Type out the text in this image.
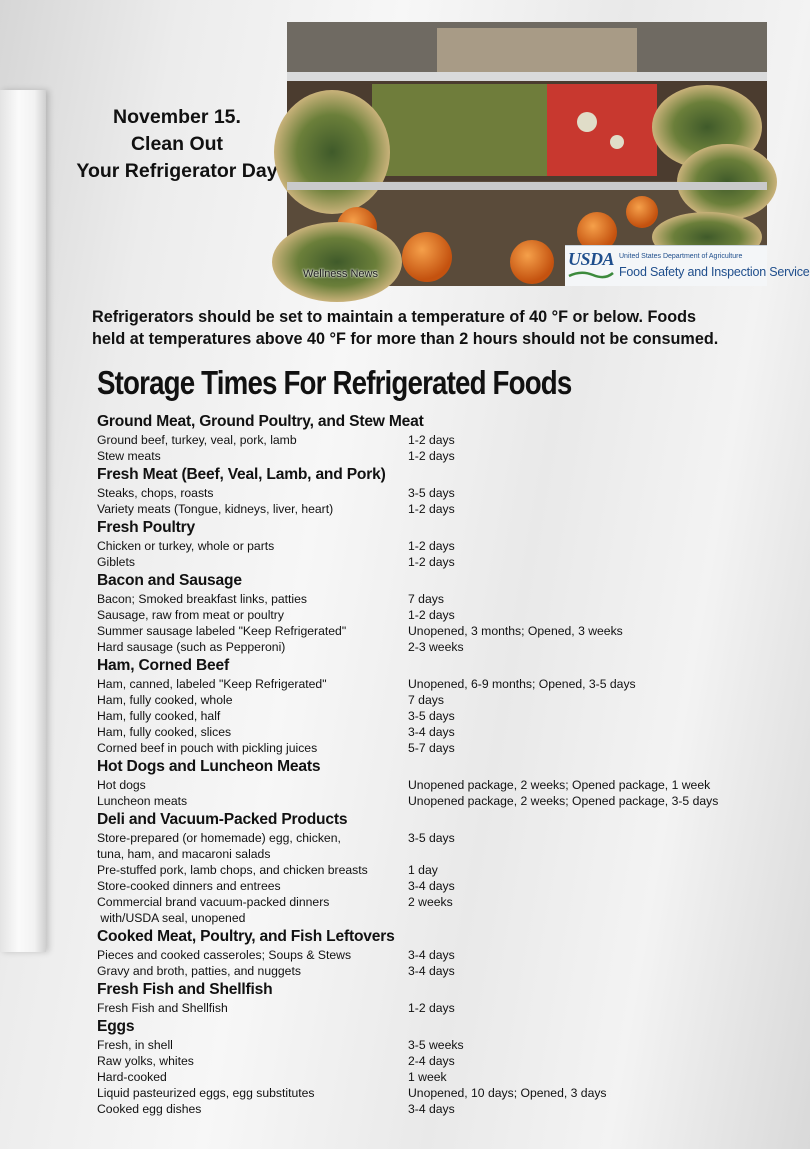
November 15.
Clean Out
Your Refrigerator Day
Wellness News
USDA United States Department of Agriculture
Food Safety and Inspection Service
Refrigerators should be set to maintain a temperature of 40 °F or below. Foods
held at temperatures above 40 °F for more than 2 hours should not be consumed.
Storage Times For Refrigerated Foods
Ground Meat, Ground Poultry, and Stew Meat
Ground beef, turkey, veal, pork, lamb	1-2 days
Stew meats	1-2 days
Fresh Meat (Beef, Veal, Lamb, and Pork)
Steaks, chops, roasts	3-5 days
Variety meats (Tongue, kidneys, liver, heart)	1-2 days
Fresh Poultry
Chicken or turkey, whole or parts	1-2 days
Giblets	1-2 days
Bacon and Sausage
Bacon; Smoked breakfast links, patties	7 days
Sausage, raw from meat or poultry	1-2 days
Summer sausage labeled "Keep Refrigerated"	Unopened, 3 months; Opened, 3 weeks
Hard sausage (such as Pepperoni)	2-3 weeks
Ham, Corned Beef
Ham, canned, labeled "Keep Refrigerated"	Unopened, 6-9 months; Opened, 3-5 days
Ham, fully cooked, whole	7 days
Ham, fully cooked, half	3-5 days
Ham, fully cooked, slices	3-4 days
Corned beef in pouch with pickling juices	5-7 days
Hot Dogs and Luncheon Meats
Hot dogs	Unopened package, 2 weeks; Opened package, 1 week
Luncheon meats	Unopened package, 2 weeks; Opened package, 3-5 days
Deli and Vacuum-Packed Products
Store-prepared (or homemade) egg, chicken,	3-5 days
tuna, ham, and macaroni salads
Pre-stuffed pork, lamb chops, and chicken breasts	1 day
Store-cooked dinners and entrees	3-4 days
Commercial brand vacuum-packed dinners	2 weeks
with/USDA seal, unopened
Cooked Meat, Poultry, and Fish Leftovers
Pieces and cooked casseroles; Soups & Stews	3-4 days
Gravy and broth, patties, and nuggets	3-4 days
Fresh Fish and Shellfish
Fresh Fish and Shellfish	1-2 days
Eggs
Fresh, in shell	3-5 weeks
Raw yolks, whites	2-4 days
Hard-cooked	1 week
Liquid pasteurized eggs, egg substitutes	Unopened, 10 days; Opened, 3 days
Cooked egg dishes	3-4 days
